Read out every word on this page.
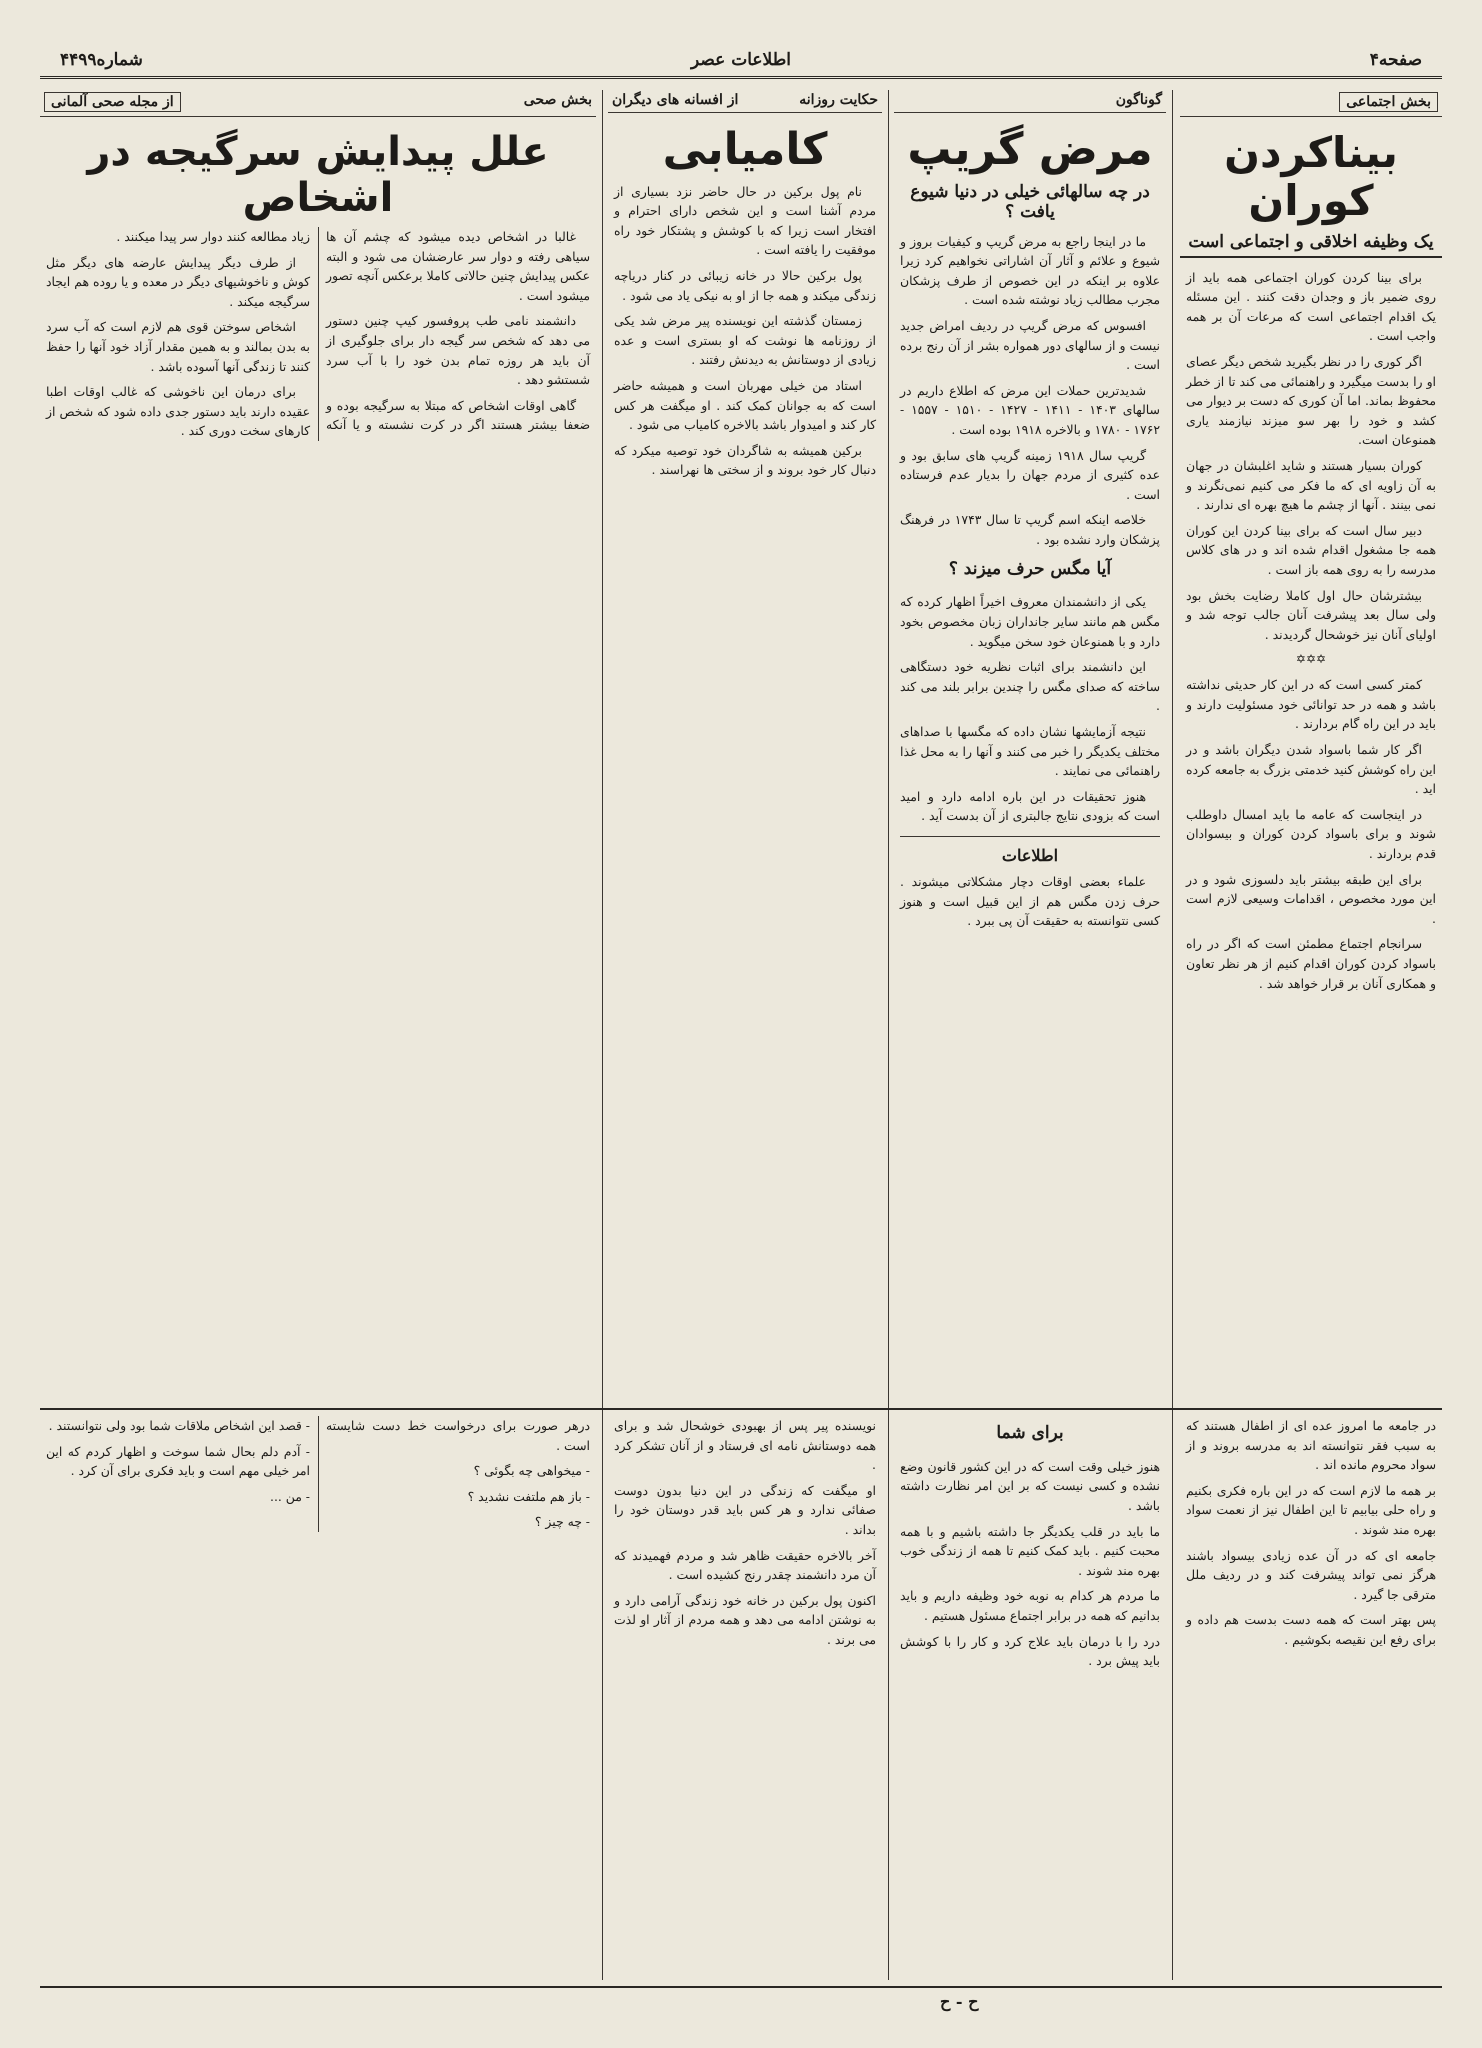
صفحه۴
اطلاعات عصر
شماره۴۴۹۹
بخش اجتماعی
بیناکردن کوران
یک وظیفه اخلاقی و اجتماعی است

برای بینا کردن کوران اجتماعی همه باید از روی ضمیر باز و وجدان دقت کنند . این مسئله یک اقدام اجتماعی است که مرعات آن بر همه واجب است .

اگر کوری را در نظر بگیرید شخص دیگر عصای او را بدست میگیرد و راهنمائی می کند تا از خطر محفوظ بماند. اما آن کوری که دست بر دیوار می کشد و خود را بهر سو میزند نیازمند یاری همنوعان است.

کوران بسیار هستند و شاید اغلبشان در جهان به آن زاویه ای که ما فکر می کنیم نمی‌نگرند و نمی بینند . آنها از چشم ما هیچ بهره ای ندارند .

دبیر سال است که برای بینا کردن این کوران همه جا مشغول اقدام شده اند و در های کلاس مدرسه را به روی همه باز است .

بیشترشان حال اول کاملا رضایت بخش بود ولی سال بعد پیشرفت آنان جالب توجه شد و اولیای آنان نیز خوشحال گردیدند .

✡✡✡

کمتر کسی است که در این کار حدیثی نداشته باشد و همه در حد توانائی خود مسئولیت دارند و باید در این راه گام بردارند .

اگر کار شما باسواد شدن دیگران باشد و در این راه کوشش کنید خدمتی بزرگ به جامعه کرده اید .

در اینجاست که عامه ما باید امسال داوطلب شوند و برای باسواد کردن کوران و بیسوادان قدم بردارند .

برای این طبقه بیشتر باید دلسوزی شود و در این مورد مخصوص ، اقدامات وسیعی لازم است .

سرانجام اجتماع مطمئن است که اگر در راه باسواد کردن کوران اقدام کنیم از هر نظر تعاون و همکاری آنان بر قرار خواهد شد .

گوناگون
مرض گریپ
در چه سالهائی خیلی در دنیا شیوع یافت ؟

ما در اینجا راجع به مرض گریپ و کیفیات بروز و شیوع و علائم و آثار آن اشاراتی نخواهیم کرد زیرا علاوه بر اینکه در این خصوص از طرف پزشکان مجرب مطالب زیاد نوشته شده است .

افسوس که مرض گریپ در ردیف امراض جدید نیست و از سالهای دور همواره بشر از آن رنج برده است .

شدیدترین حملات این مرض که اطلاع داریم در سالهای ۱۴۰۳ - ۱۴۱۱ - ۱۴۲۷ - ۱۵۱۰ - ۱۵۵۷ - ۱۷۶۲ - ۱۷۸۰ و بالاخره ۱۹۱۸ بوده است .

گریپ سال ۱۹۱۸ زمینه گریپ های سابق بود و عده کثیری از مردم جهان را بدیار عدم فرستاده است .

خلاصه اینکه اسم گریپ تا سال ۱۷۴۳ در فرهنگ پزشکان وارد نشده بود .

آیا مگس حرف میزند ؟

یکی از دانشمندان معروف اخیراً اظهار کرده که مگس هم مانند سایر جانداران زبان مخصوص بخود دارد و با همنوعان خود سخن میگوید .

این دانشمند برای اثبات نظریه خود دستگاهی ساخته که صدای مگس را چندین برابر بلند می کند .

نتیجه آزمایشها نشان داده که مگسها با صداهای مختلف یکدیگر را خبر می کنند و آنها را به محل غذا راهنمائی می نمایند .

هنوز تحقیقات در این باره ادامه دارد و امید است که بزودی نتایج جالبتری از آن بدست آید .

اطلاعات

علماء بعضی اوقات دچار مشکلاتی میشوند . حرف زدن مگس هم از این قبیل است و هنوز کسی نتوانسته به حقیقت آن پی ببرد .

حکایت روزانه
از افسانه های دیگران
کامیابی

نام پول برکین در حال حاضر نزد بسیاری از مردم آشنا است و این شخص دارای احترام و افتخار است زیرا که با کوشش و پشتکار خود راه موفقیت را یافته است .

پول برکین حالا در خانه زیبائی در کنار دریاچه زندگی میکند و همه جا از او به نیکی یاد می شود .

زمستان گذشته این نویسنده پیر مرض شد یکی از روزنامه ها نوشت که او بستری است و عده زیادی از دوستانش به دیدنش رفتند .

استاد من خیلی مهربان است و همیشه حاضر است که به جوانان کمک کند . او میگفت هر کس کار کند و امیدوار باشد بالاخره کامیاب می شود .

برکین همیشه به شاگردان خود توصیه میکرد که دنبال کار خود بروند و از سختی ها نهراسند .

بخش صحی
از مجله صحی آلمانی
علل پیدایش سرگیجه در اشخاص

غالبا در اشخاص دیده میشود که چشم آن ها سیاهی رفته و دوار سر عارضشان می شود و البته عکس پیدایش چنین حالاتی کاملا برعکس آنچه تصور میشود است .

دانشمند نامی طب پروفسور کیپ چنین دستور می دهد که شخص سر گیجه دار برای جلوگیری از آن باید هر روزه تمام بدن خود را با آب سرد شستشو دهد .

گاهی اوقات اشخاص که مبتلا به سرگیجه بوده و ضعفا بیشتر هستند اگر در کرت نشسته و یا آنکه زیاد مطالعه کنند دوار سر پیدا میکنند .

از طرف دیگر پیدایش عارضه های دیگر مثل کوش و ناخوشیهای دیگر در معده و یا روده هم ایجاد سرگیجه میکند .

اشخاص سوختن قوی هم لازم است که آب سرد به بدن بمالند و به همین مقدار آزاد خود آنها را حفظ کنند تا زندگی آنها آسوده باشد .

برای درمان این ناخوشی که غالب اوقات اطبا عقیده دارند باید دستور جدی داده شود که شخص از کارهای سخت دوری کند .

در جامعه ما امروز عده ای از اطفال هستند که به سبب فقر نتوانسته اند به مدرسه بروند و از سواد محروم مانده اند .

بر همه ما لازم است که در این باره فکری بکنیم و راه حلی بیابیم تا این اطفال نیز از نعمت سواد بهره مند شوند .

جامعه ای که در آن عده زیادی بیسواد باشند هرگز نمی تواند پیشرفت کند و در ردیف ملل مترقی جا گیرد .

پس بهتر است که همه دست بدست هم داده و برای رفع این نقیصه بکوشیم .

برای شما

هنوز خیلی وقت است که در این کشور قانون وضع نشده و کسی نیست که بر این امر نظارت داشته باشد .

ما باید در قلب یکدیگر جا داشته باشیم و با همه محبت کنیم . باید کمک کنیم تا همه از زندگی خوب بهره مند شوند .

ما مردم هر کدام به نوبه خود وظیفه داریم و باید بدانیم که همه در برابر اجتماع مسئول هستیم .

درد را با درمان باید علاج کرد و کار را با کوشش باید پیش برد .

نویسنده پیر پس از بهبودی خوشحال شد و برای همه دوستانش نامه ای فرستاد و از آنان تشکر کرد .

او میگفت که زندگی در این دنیا بدون دوست صفائی ندارد و هر کس باید قدر دوستان خود را بداند .

آخر بالاخره حقیقت ظاهر شد و مردم فهمیدند که آن مرد دانشمند چقدر رنج کشیده است .

اکنون پول برکین در خانه خود زندگی آرامی دارد و به نوشتن ادامه می دهد و همه مردم از آثار او لذت می برند .

درهر صورت برای درخواست خط دست شایسته است .

- میخواهی چه بگوئی ؟

- باز هم ملتفت نشدید ؟

- چه چیز ؟

- قصد این اشخاص ملاقات شما بود ولی نتوانستند .

- آدم دلم بحال شما سوخت و اظهار کردم که این امر خیلی مهم است و باید فکری برای آن کرد .

- من ...

ح - ح
